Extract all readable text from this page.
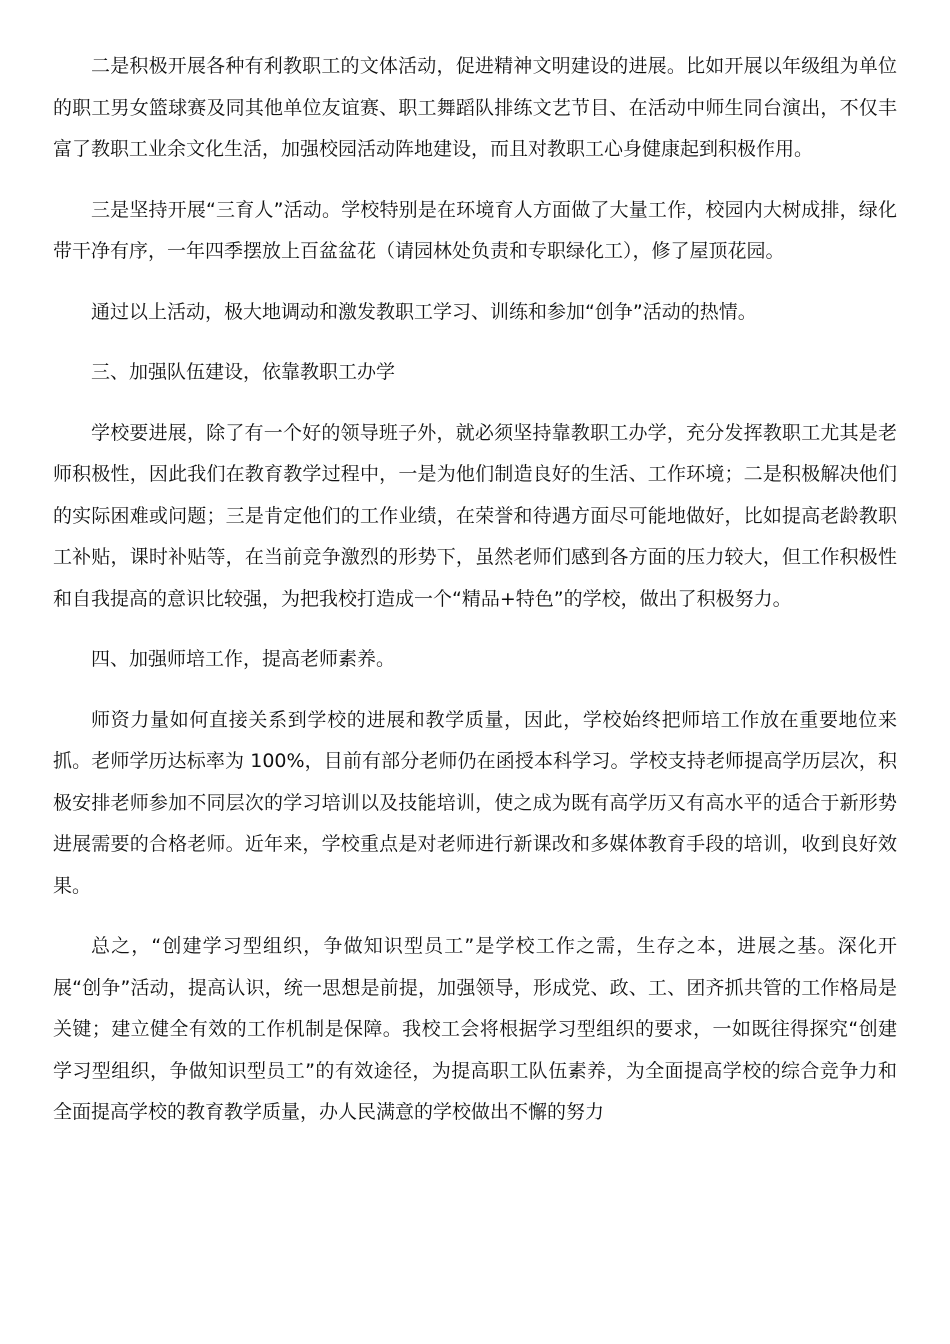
二是积极开展各种有利教职工的文体活动，促进精神文明建设的进展。比如开展以年级组为单位的职工男女篮球赛及同其他单位友谊赛、职工舞蹈队排练文艺节目、在活动中师生同台演出，不仅丰富了教职工业余文化生活，加强校园活动阵地建设，而且对教职工心身健康起到积极作用。

三是坚持开展“三育人”活动。学校特别是在环境育人方面做了大量工作，校园内大树成排，绿化带干净有序，一年四季摆放上百盆盆花（请园林处负责和专职绿化工），修了屋顶花园。

通过以上活动，极大地调动和激发教职工学习、训练和参加“创争”活动的热情。

三、加强队伍建设，依靠教职工办学

学校要进展，除了有一个好的领导班子外，就必须坚持靠教职工办学，充分发挥教职工尤其是老师积极性，因此我们在教育教学过程中，一是为他们制造良好的生活、工作环境；二是积极解决他们的实际困难或问题；三是肯定他们的工作业绩，在荣誉和待遇方面尽可能地做好，比如提高老龄教职工补贴，课时补贴等，在当前竞争激烈的形势下，虽然老师们感到各方面的压力较大，但工作积极性和自我提高的意识比较强，为把我校打造成一个“精品+特色”的学校，做出了积极努力。

四、加强师培工作，提高老师素养。

师资力量如何直接关系到学校的进展和教学质量，因此，学校始终把师培工作放在重要地位来抓。老师学历达标率为 100%，目前有部分老师仍在函授本科学习。学校支持老师提高学历层次，积极安排老师参加不同层次的学习培训以及技能培训，使之成为既有高学历又有高水平的适合于新形势进展需要的合格老师。近年来，学校重点是对老师进行新课改和多媒体教育手段的培训，收到良好效果。

总之，“创建学习型组织，争做知识型员工”是学校工作之需，生存之本，进展之基。深化开展“创争”活动，提高认识，统一思想是前提，加强领导，形成党、政、工、团齐抓共管的工作格局是关键；建立健全有效的工作机制是保障。我校工会将根据学习型组织的要求，一如既往得探究“创建学习型组织，争做知识型员工”的有效途径，为提高职工队伍素养，为全面提高学校的综合竞争力和全面提高学校的教育教学质量，办人民满意的学校做出不懈的努力
